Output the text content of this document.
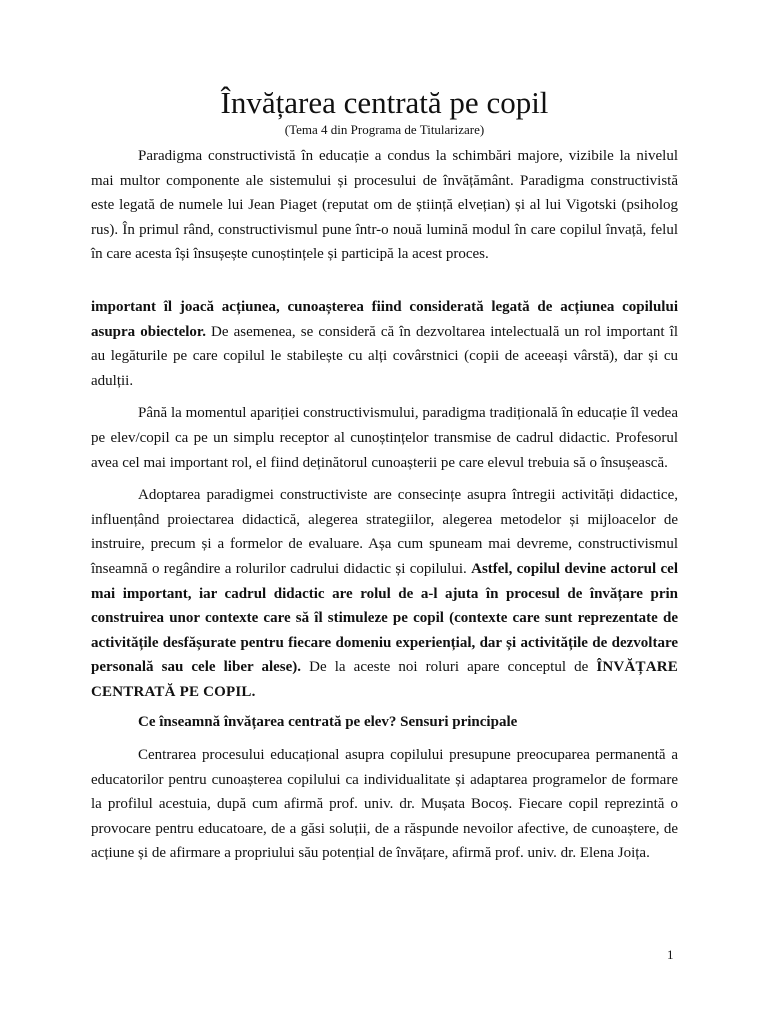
Învățarea centrată pe copil
(Tema 4 din Programa de Titularizare)

Paradigma constructivistă în educație a condus la schimbări majore, vizibile la nivelul mai multor componente ale sistemului și procesului de învățământ. Paradigma constructivistă este legată de numele lui Jean Piaget (reputat om de știință elvețian) și al lui Vigotski (psiholog rus). În primul rând, constructivismul pune într-o nouă lumină modul în care copilul învață, felul în care acesta își însușește cunoștințele și participă la acest proces.

important îl joacă acțiunea, cunoașterea fiind considerată legată de acțiunea copilului asupra obiectelor. De asemenea, se consideră că în dezvoltarea intelectuală un rol important îl au legăturile pe care copilul le stabilește cu alți covârstnici (copii de aceeași vârstă), dar și cu adulții.

Până la momentul apariției constructivismului, paradigma tradițională în educație îl vedea pe elev/copil ca pe un simplu receptor al cunoștințelor transmise de cadrul didactic. Profesorul avea cel mai important rol, el fiind deținătorul cunoașterii pe care elevul trebuia să o însușească.

Adoptarea paradigmei constructiviste are consecințe asupra întregii activități didactice, influențând proiectarea didactică, alegerea strategiilor, alegerea metodelor și mijloacelor de instruire, precum și a formelor de evaluare. Așa cum spuneam mai devreme, constructivismul înseamnă o regândire a rolurilor cadrului didactic și copilului. Astfel, copilul devine actorul cel mai important, iar cadrul didactic are rolul de a-l ajuta în procesul de învățare prin construirea unor contexte care să îl stimuleze pe copil (contexte care sunt reprezentate de activitățile desfășurate pentru fiecare domeniu experiențial, dar și activitățile de dezvoltare personală sau cele liber alese). De la aceste noi roluri apare conceptul de ÎNVĂȚARE CENTRATĂ PE COPIL.

Ce înseamnă învățarea centrată pe elev? Sensuri principale

Centrarea procesului educațional asupra copilului presupune preocuparea permanentă a educatorilor pentru cunoașterea copilului ca individualitate și adaptarea programelor de formare la profilul acestuia, după cum afirmă prof. univ. dr. Mușata Bocoș. Fiecare copil reprezintă o provocare pentru educatoare, de a găsi soluții, de a răspunde nevoilor afective, de cunoaștere, de acțiune și de afirmare a propriului său potențial de învățare, afirmă prof. univ. dr. Elena Joița.

1
